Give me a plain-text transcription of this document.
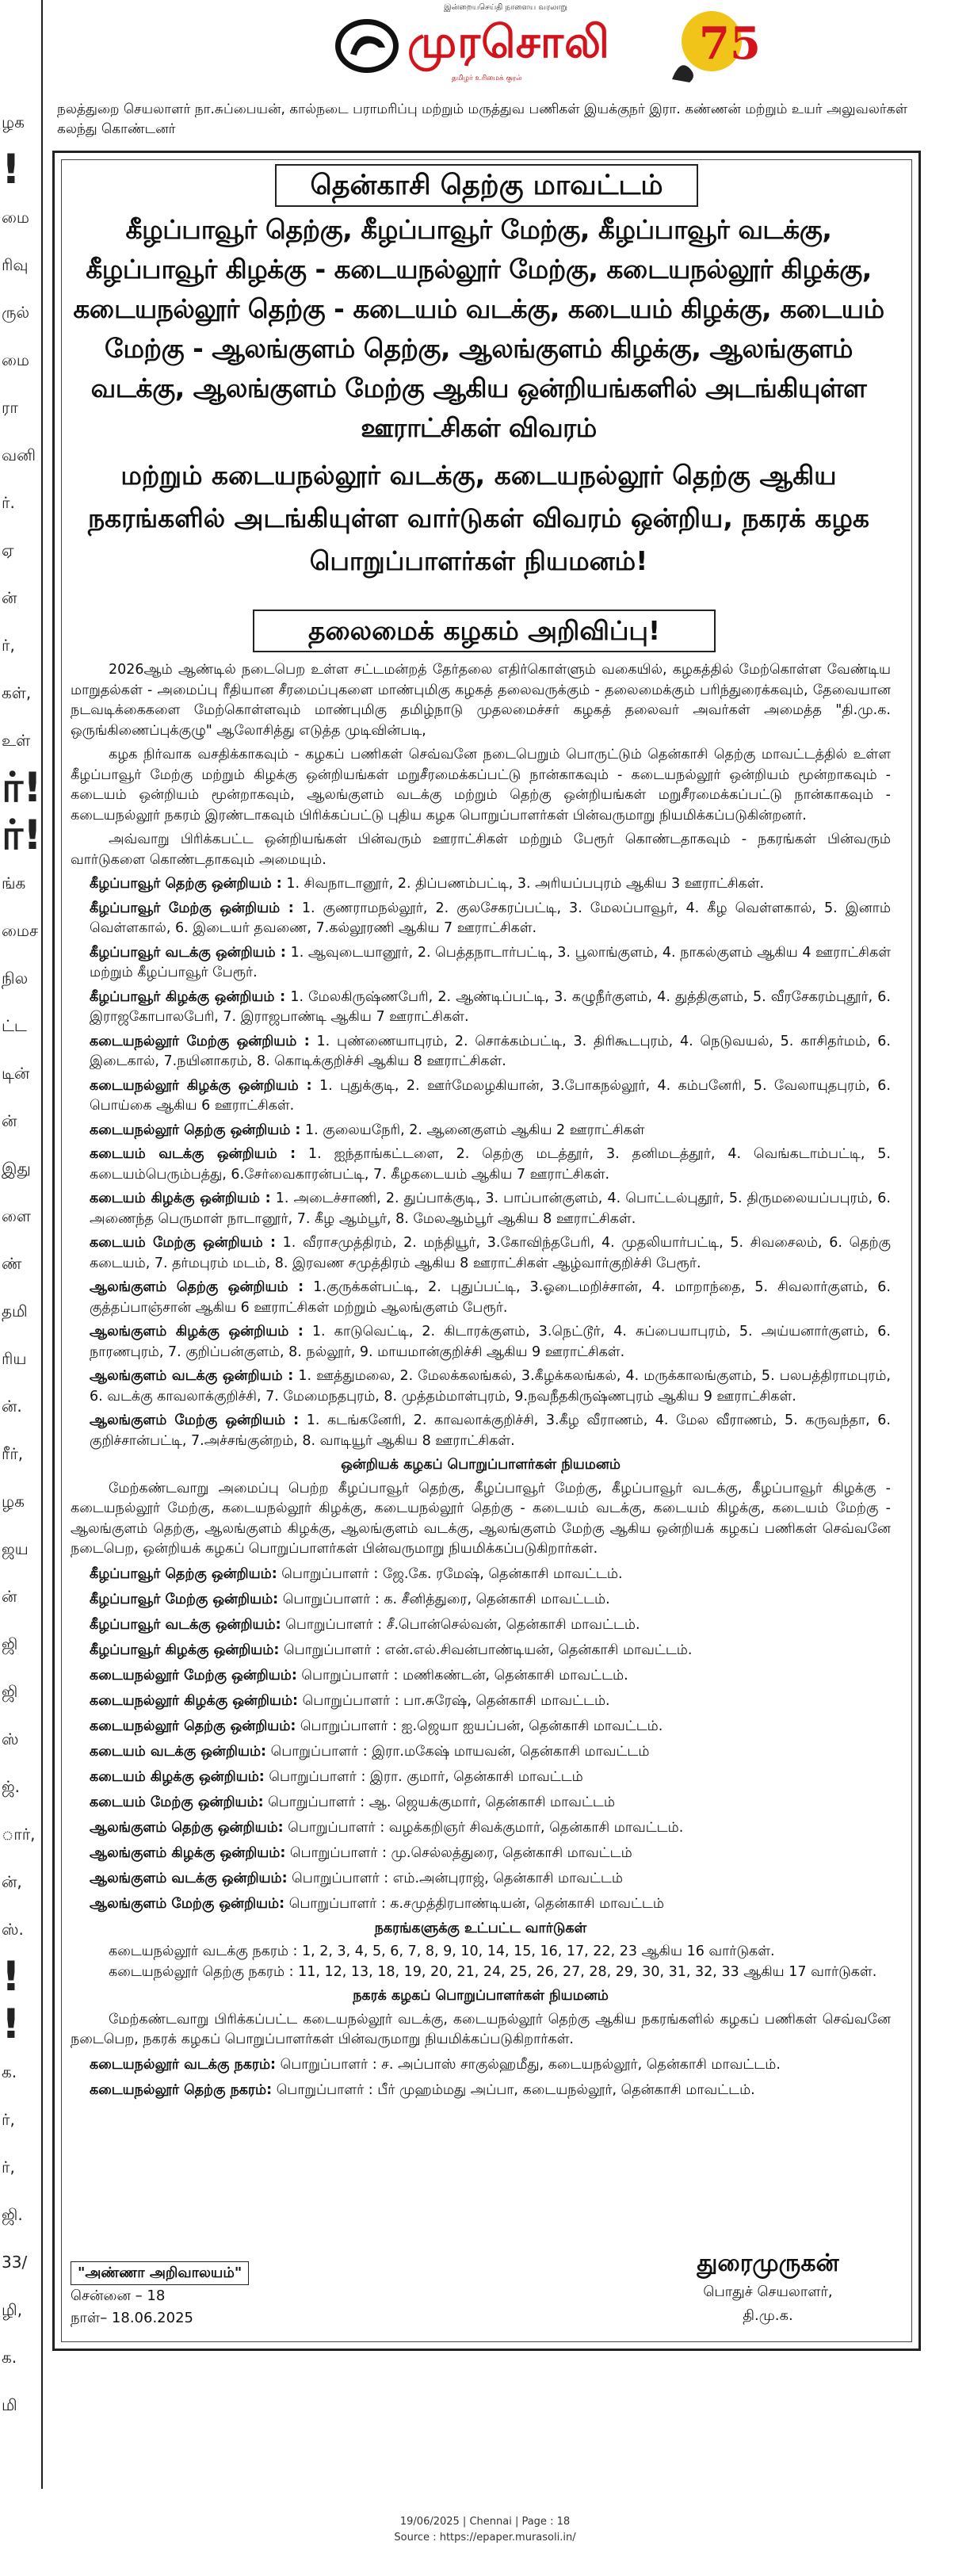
ழக
!
மை
ரிவு
ருல்
மை
ரா
வனி
ர்.
ஏ
ன்
ர்,
கள்,
உள்
ர்!
ர்!
ங்க
மைச
நில
ட்ட
டின்
ன்
இது
ளை
ண்
தமி
ரிய
ன்.
ரீர்,
ழக
ஜய
ன்
ஜி
ஜி
ஸ்
ஜ்.
ார்,
ன்,
ஸ்.
!
!
க.
ர்,
ர்,
ஜி.
33/
ழி,
க.
மி
இன்றையசெய்தி நாளைய வரலாறு
முரசொலி
தமிழர் உரிமைக் குரல்
75
நலத்துறை செயலாளர் நா.சுப்பையன், கால்நடை பராமரிப்பு மற்றும் மருத்துவ பணிகள் இயக்குநர் இரா. கண்ணன் மற்றும் உயர் அலுவலர்கள் கலந்து கொண்டனர்
தென்காசி தெற்கு மாவட்டம்
கீழப்பாவூர் தெற்கு, கீழப்பாவூர் மேற்கு, கீழப்பாவூர் வடக்கு, கீழப்பாவூர் கிழக்கு - கடையநல்லூர் மேற்கு, கடையநல்லூர் கிழக்கு, கடையநல்லூர் தெற்கு - கடையம் வடக்கு, கடையம் கிழக்கு, கடையம் மேற்கு - ஆலங்குளம் தெற்கு, ஆலங்குளம் கிழக்கு, ஆலங்குளம் வடக்கு, ஆலங்குளம் மேற்கு ஆகிய ஒன்றியங்களில் அடங்கியுள்ள ஊராட்சிகள் விவரம்
மற்றும் கடையநல்லூர் வடக்கு, கடையநல்லூர் தெற்கு ஆகிய நகரங்களில் அடங்கியுள்ள வார்டுகள் விவரம் ஒன்றிய, நகரக் கழக பொறுப்பாளர்கள் நியமனம்!
தலைமைக் கழகம் அறிவிப்பு!

2026ஆம் ஆண்டில் நடைபெற உள்ள சட்டமன்றத் தேர்தலை எதிர்கொள்ளும் வகையில், கழகத்தில் மேற்கொள்ள வேண்டிய மாறுதல்கள் - அமைப்பு ரீதியான சீரமைப்புகளை மாண்புமிகு கழகத் தலைவருக்கும் - தலைமைக்கும் பரிந்துரைக்கவும், தேவையான நடவடிக்கைகளை மேற்கொள்ளவும் மாண்புமிகு தமிழ்நாடு முதலமைச்சர் கழகத் தலைவர் அவர்கள் அமைத்த "தி.மு.க. ஒருங்கிணைப்புக்குழு" ஆலோசித்து எடுத்த முடிவின்படி,

கழக நிர்வாக வசதிக்காகவும் - கழகப் பணிகள் செவ்வனே நடைபெறும் பொருட்டும் தென்காசி தெற்கு மாவட்டத்தில் உள்ள கீழப்பாவூர் மேற்கு மற்றும் கிழக்கு ஒன்றியங்கள் மறுசீரமைக்கப்பட்டு நான்காகவும் - கடையநல்லூர் ஒன்றியம் மூன்றாகவும் - கடையம் ஒன்றியம் மூன்றாகவும், ஆலங்குளம் வடக்கு மற்றும் தெற்கு ஒன்றியங்கள் மறுசீரமைக்கப்பட்டு நான்காகவும் - கடையநல்லூர் நகரம் இரண்டாகவும் பிரிக்கப்பட்டு புதிய கழக பொறுப்பாளர்கள் பின்வருமாறு நியமிக்கப்படுகின்றனர்.

அவ்வாறு பிரிக்கபட்ட ஒன்றியங்கள் பின்வரும் ஊராட்சிகள் மற்றும் பேரூர் கொண்டதாகவும் - நகரங்கள் பின்வரும் வார்டுகளை கொண்டதாகவும் அமையும்.

கீழப்பாவூர் தெற்கு ஒன்றியம் : 1. சிவநாடானூர், 2. திப்பணம்பட்டி, 3. அரியப்பபுரம் ஆகிய 3 ஊராட்சிகள்.

கீழப்பாவூர் மேற்கு ஒன்றியம் : 1. குணராமநல்லூர், 2. குலசேகரப்பட்டி, 3. மேலப்பாவூர், 4. கீழ வெள்ளகால், 5. இனாம் வெள்ளகால், 6. இடையர் தவணை, 7.கல்லூரணி ஆகிய 7 ஊராட்சிகள்.

கீழப்பாவூர் வடக்கு ஒன்றியம் : 1. ஆவுடையானூர், 2. பெத்தநாடார்பட்டி, 3. பூலாங்குளம், 4. நாகல்குளம் ஆகிய 4 ஊராட்சிகள் மற்றும் கீழப்பாவூர் பேரூர்.

கீழப்பாவூர் கிழக்கு ஒன்றியம் : 1. மேலகிருஷ்ணபேரி, 2. ஆண்டிப்பட்டி, 3. கழுநீர்குளம், 4. துத்திகுளம், 5. வீரசேகரம்புதூர், 6. இராஜகோபாலபேரி, 7. இராஜபாண்டி ஆகிய 7 ஊராட்சிகள்.

கடையநல்லூர் மேற்கு ஒன்றியம் : 1. புண்ணையாபுரம், 2. சொக்கம்பட்டி, 3. திரிகூடபுரம், 4. நெடுவயல், 5. காசிதர்மம், 6. இடைகால், 7.நயினாகரம், 8. கொடிக்குறிச்சி ஆகிய 8 ஊராட்சிகள்.

கடையநல்லூர் கிழக்கு ஒன்றியம் : 1. புதுக்குடி, 2. ஊர்மேலழகியான், 3.போகநல்லூர், 4. கம்பனேரி, 5. வேலாயுதபுரம், 6. பொய்கை ஆகிய 6 ஊராட்சிகள்.

கடையநல்லூர் தெற்கு ஒன்றியம் : 1. குலையநேரி, 2. ஆனைகுளம் ஆகிய 2 ஊராட்சிகள்

கடையம் வடக்கு ஒன்றியம் : 1. ஐந்தாங்கட்டளை, 2. தெற்கு மடத்தூர், 3. தனிமடத்தூர், 4. வெங்கடாம்பட்டி, 5. கடையம்பெரும்பத்து, 6.சேர்வைகாரன்பட்டி, 7. கீழகடையம் ஆகிய 7 ஊராட்சிகள்.

கடையம் கிழக்கு ஒன்றியம் : 1. அடைச்சாணி, 2. துப்பாக்குடி, 3. பாப்பான்குளம், 4. பொட்டல்புதூர், 5. திருமலையப்பபுரம், 6. அணைந்த பெருமாள் நாடானூர், 7. கீழ ஆம்பூர், 8. மேலஆம்பூர் ஆகிய 8 ஊராட்சிகள்.

கடையம் மேற்கு ஒன்றியம் : 1. வீராசமுத்திரம், 2. மந்தியூர், 3.கோவிந்தபேரி, 4. முதலியார்பட்டி, 5. சிவசைலம், 6. தெற்கு கடையம், 7. தர்மபுரம் மடம், 8. இரவண சமுத்திரம் ஆகிய 8 ஊராட்சிகள் ஆழ்வார்குறிச்சி பேரூர்.

ஆலங்குளம் தெற்கு ஒன்றியம் : 1.குருக்கள்பட்டி, 2. புதுப்பட்டி, 3.ஓடைமறிச்சான், 4. மாறாந்தை, 5. சிவலார்குளம், 6. குத்தப்பாஞ்சான் ஆகிய 6 ஊராட்சிகள் மற்றும் ஆலங்குளம் பேரூர்.

ஆலங்குளம் கிழக்கு ஒன்றியம் : 1. காடுவெட்டி, 2. கிடாரக்குளம், 3.நெட்டூர், 4. சுப்பையாபுரம், 5. அய்யனார்குளம், 6. நாரணபுரம், 7. குறிப்பன்குளம், 8. நல்லூர், 9. மாயமான்குறிச்சி ஆகிய 9 ஊராட்சிகள்.

ஆலங்குளம் வடக்கு ஒன்றியம் : 1. ஊத்துமலை, 2. மேலக்கலங்கல், 3.கீழக்கலங்கல், 4. மருக்காலங்குளம், 5. பலபத்திராமபுரம், 6. வடக்கு காவலாக்குறிச்சி, 7. மேமைநதபுரம், 8. முத்தம்மாள்புரம், 9.நவநீதகிருஷ்ணபுரம் ஆகிய 9 ஊராட்சிகள்.

ஆலங்குளம் மேற்கு ஒன்றியம் : 1. கடங்கனேரி, 2. காவலாக்குறிச்சி, 3.கீழ வீராணம், 4. மேல வீராணம், 5. கருவந்தா, 6. குறிச்சான்பட்டி, 7.அச்சங்குன்றம், 8. வாடியூர் ஆகிய 8 ஊராட்சிகள்.

ஒன்றியக் கழகப் பொறுப்பாளர்கள் நியமனம்

மேற்கண்டவாறு அமைப்பு பெற்ற கீழப்பாவூர் தெற்கு, கீழப்பாவூர் மேற்கு, கீழப்பாவூர் வடக்கு, கீழப்பாவூர் கிழக்கு - கடையநல்லூர் மேற்கு, கடையநல்லூர் கிழக்கு, கடையநல்லூர் தெற்கு - கடையம் வடக்கு, கடையம் கிழக்கு, கடையம் மேற்கு - ஆலங்குளம் தெற்கு, ஆலங்குளம் கிழக்கு, ஆலங்குளம் வடக்கு, ஆலங்குளம் மேற்கு ஆகிய ஒன்றியக் கழகப் பணிகள் செவ்வனே நடைபெற, ஒன்றியக் கழகப் பொறுப்பாளர்கள் பின்வருமாறு நியமிக்கப்படுகிறார்கள்.

கீழப்பாவூர் தெற்கு ஒன்றியம்: பொறுப்பாளர் : ஜே.கே. ரமேஷ், தென்காசி மாவட்டம்.

கீழப்பாவூர் மேற்கு ஒன்றியம்: பொறுப்பாளர் : க. சீனித்துரை, தென்காசி மாவட்டம்.

கீழப்பாவூர் வடக்கு ஒன்றியம்: பொறுப்பாளர் : சீ.பொன்செல்வன், தென்காசி மாவட்டம்.

கீழப்பாவூர் கிழக்கு ஒன்றியம்: பொறுப்பாளர் : என்.எல்.சிவன்பாண்டியன், தென்காசி மாவட்டம்.

கடையநல்லூர் மேற்கு ஒன்றியம்: பொறுப்பாளர் : மணிகண்டன், தென்காசி மாவட்டம்.

கடையநல்லூர் கிழக்கு ஒன்றியம்: பொறுப்பாளர் : பா.சுரேஷ், தென்காசி மாவட்டம்.

கடையநல்லூர் தெற்கு ஒன்றியம்: பொறுப்பாளர் : ஐ.ஜெயா ஐயப்பன், தென்காசி மாவட்டம்.

கடையம் வடக்கு ஒன்றியம்: பொறுப்பாளர் : இரா.மகேஷ் மாயவன், தென்காசி மாவட்டம்

கடையம் கிழக்கு ஒன்றியம்: பொறுப்பாளர் : இரா. குமார், தென்காசி மாவட்டம்

கடையம் மேற்கு ஒன்றியம்: பொறுப்பாளர் : ஆ. ஜெயக்குமார், தென்காசி மாவட்டம்

ஆலங்குளம் தெற்கு ஒன்றியம்: பொறுப்பாளர் : வழக்கறிஞர் சிவக்குமார், தென்காசி மாவட்டம்.

ஆலங்குளம் கிழக்கு ஒன்றியம்: பொறுப்பாளர் : மு.செல்லத்துரை, தென்காசி மாவட்டம்

ஆலங்குளம் வடக்கு ஒன்றியம்: பொறுப்பாளர் : எம்.அன்புராஜ், தென்காசி மாவட்டம்

ஆலங்குளம் மேற்கு ஒன்றியம்: பொறுப்பாளர் : க.சமுத்திரபாண்டியன், தென்காசி மாவட்டம்

நகரங்களுக்கு உட்பட்ட வார்டுகள்

கடையநல்லூர் வடக்கு நகரம் : 1, 2, 3, 4, 5, 6, 7, 8, 9, 10, 14, 15, 16, 17, 22, 23 ஆகிய 16 வார்டுகள்.

கடையநல்லூர் தெற்கு நகரம் : 11, 12, 13, 18, 19, 20, 21, 24, 25, 26, 27, 28, 29, 30, 31, 32, 33 ஆகிய 17 வார்டுகள்.

நகரக் கழகப் பொறுப்பாளர்கள் நியமனம்

மேற்கண்டவாறு பிரிக்கப்பட்ட கடையநல்லூர் வடக்கு, கடையநல்லூர் தெற்கு ஆகிய நகரங்களில் கழகப் பணிகள் செவ்வனே நடைபெற, நகரக் கழகப் பொறுப்பாளர்கள் பின்வருமாறு நியமிக்கப்படுகிறார்கள்.

கடையநல்லூர் வடக்கு நகரம்: பொறுப்பாளர் : ச. அப்பாஸ் சாகுல்ஹமீது, கடையநல்லூர், தென்காசி மாவட்டம்.

கடையநல்லூர் தெற்கு நகரம்: பொறுப்பாளர் : பீர் முஹம்மது அப்பா, கடையநல்லூர், தென்காசி மாவட்டம்.

"அண்ணா அறிவாலயம்"
சென்னை – 18
நாள்– 18.06.2025
துரைமுருகன்
பொதுச் செயலாளர்,
தி.மு.க.
19/06/2025 | Chennai | Page : 18
Source : https://epaper.murasoli.in/
